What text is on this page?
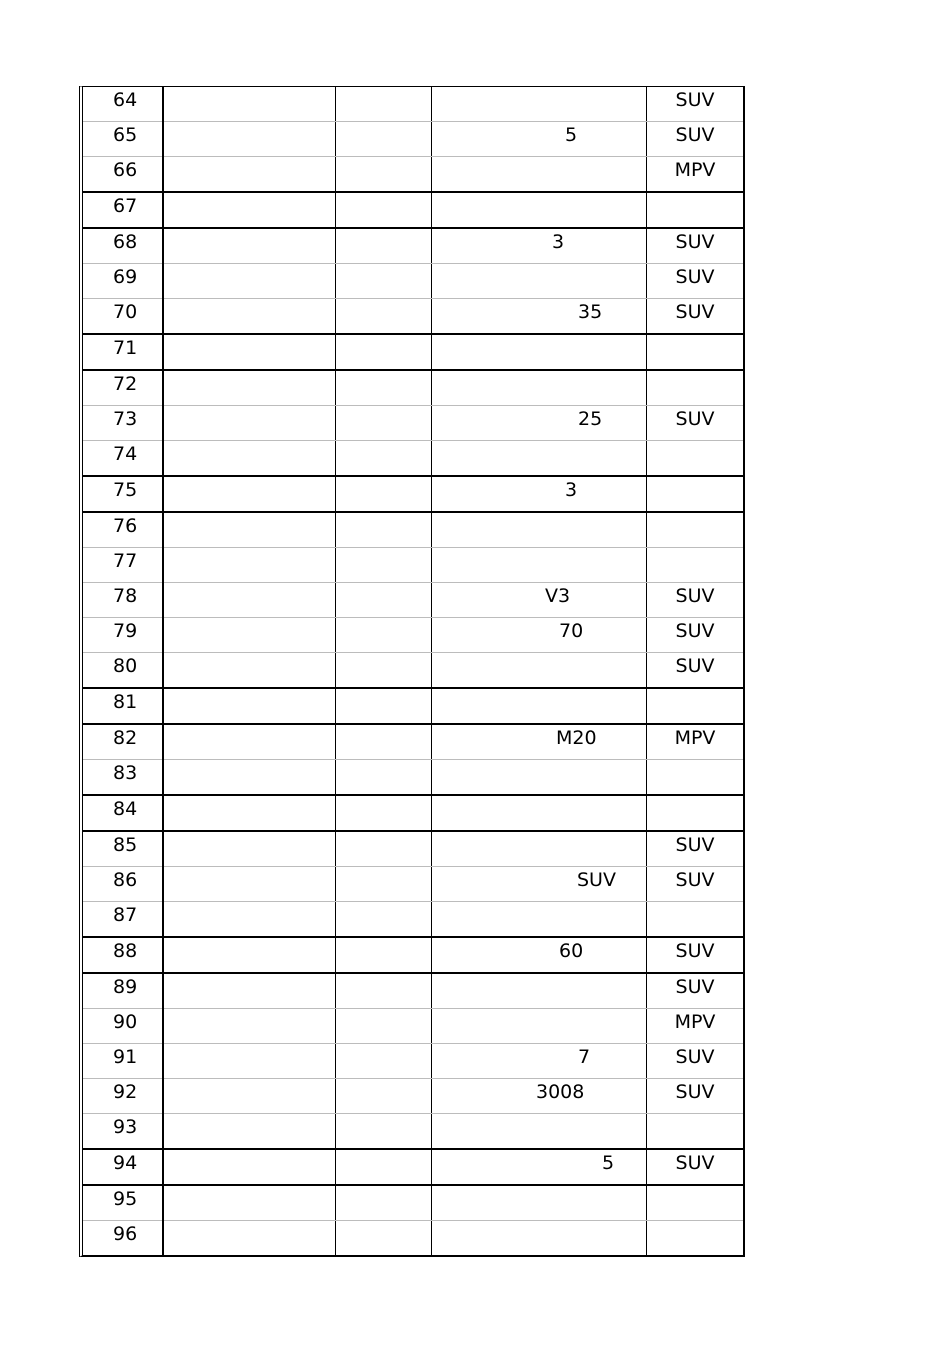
64				SUV
65			5	SUV
66				MPV
67				
68			3	SUV
69				SUV
70			35	SUV
71				
72				
73			25	SUV
74				
75			3	
76				
77				
78			V3	SUV
79			70	SUV
80				SUV
81				
82			M20	MPV
83				
84				
85				SUV
86			SUV	SUV
87				
88			60	SUV
89				SUV
90				MPV
91			7	SUV
92			3008	SUV
93				
94			5	SUV
95				
96				
